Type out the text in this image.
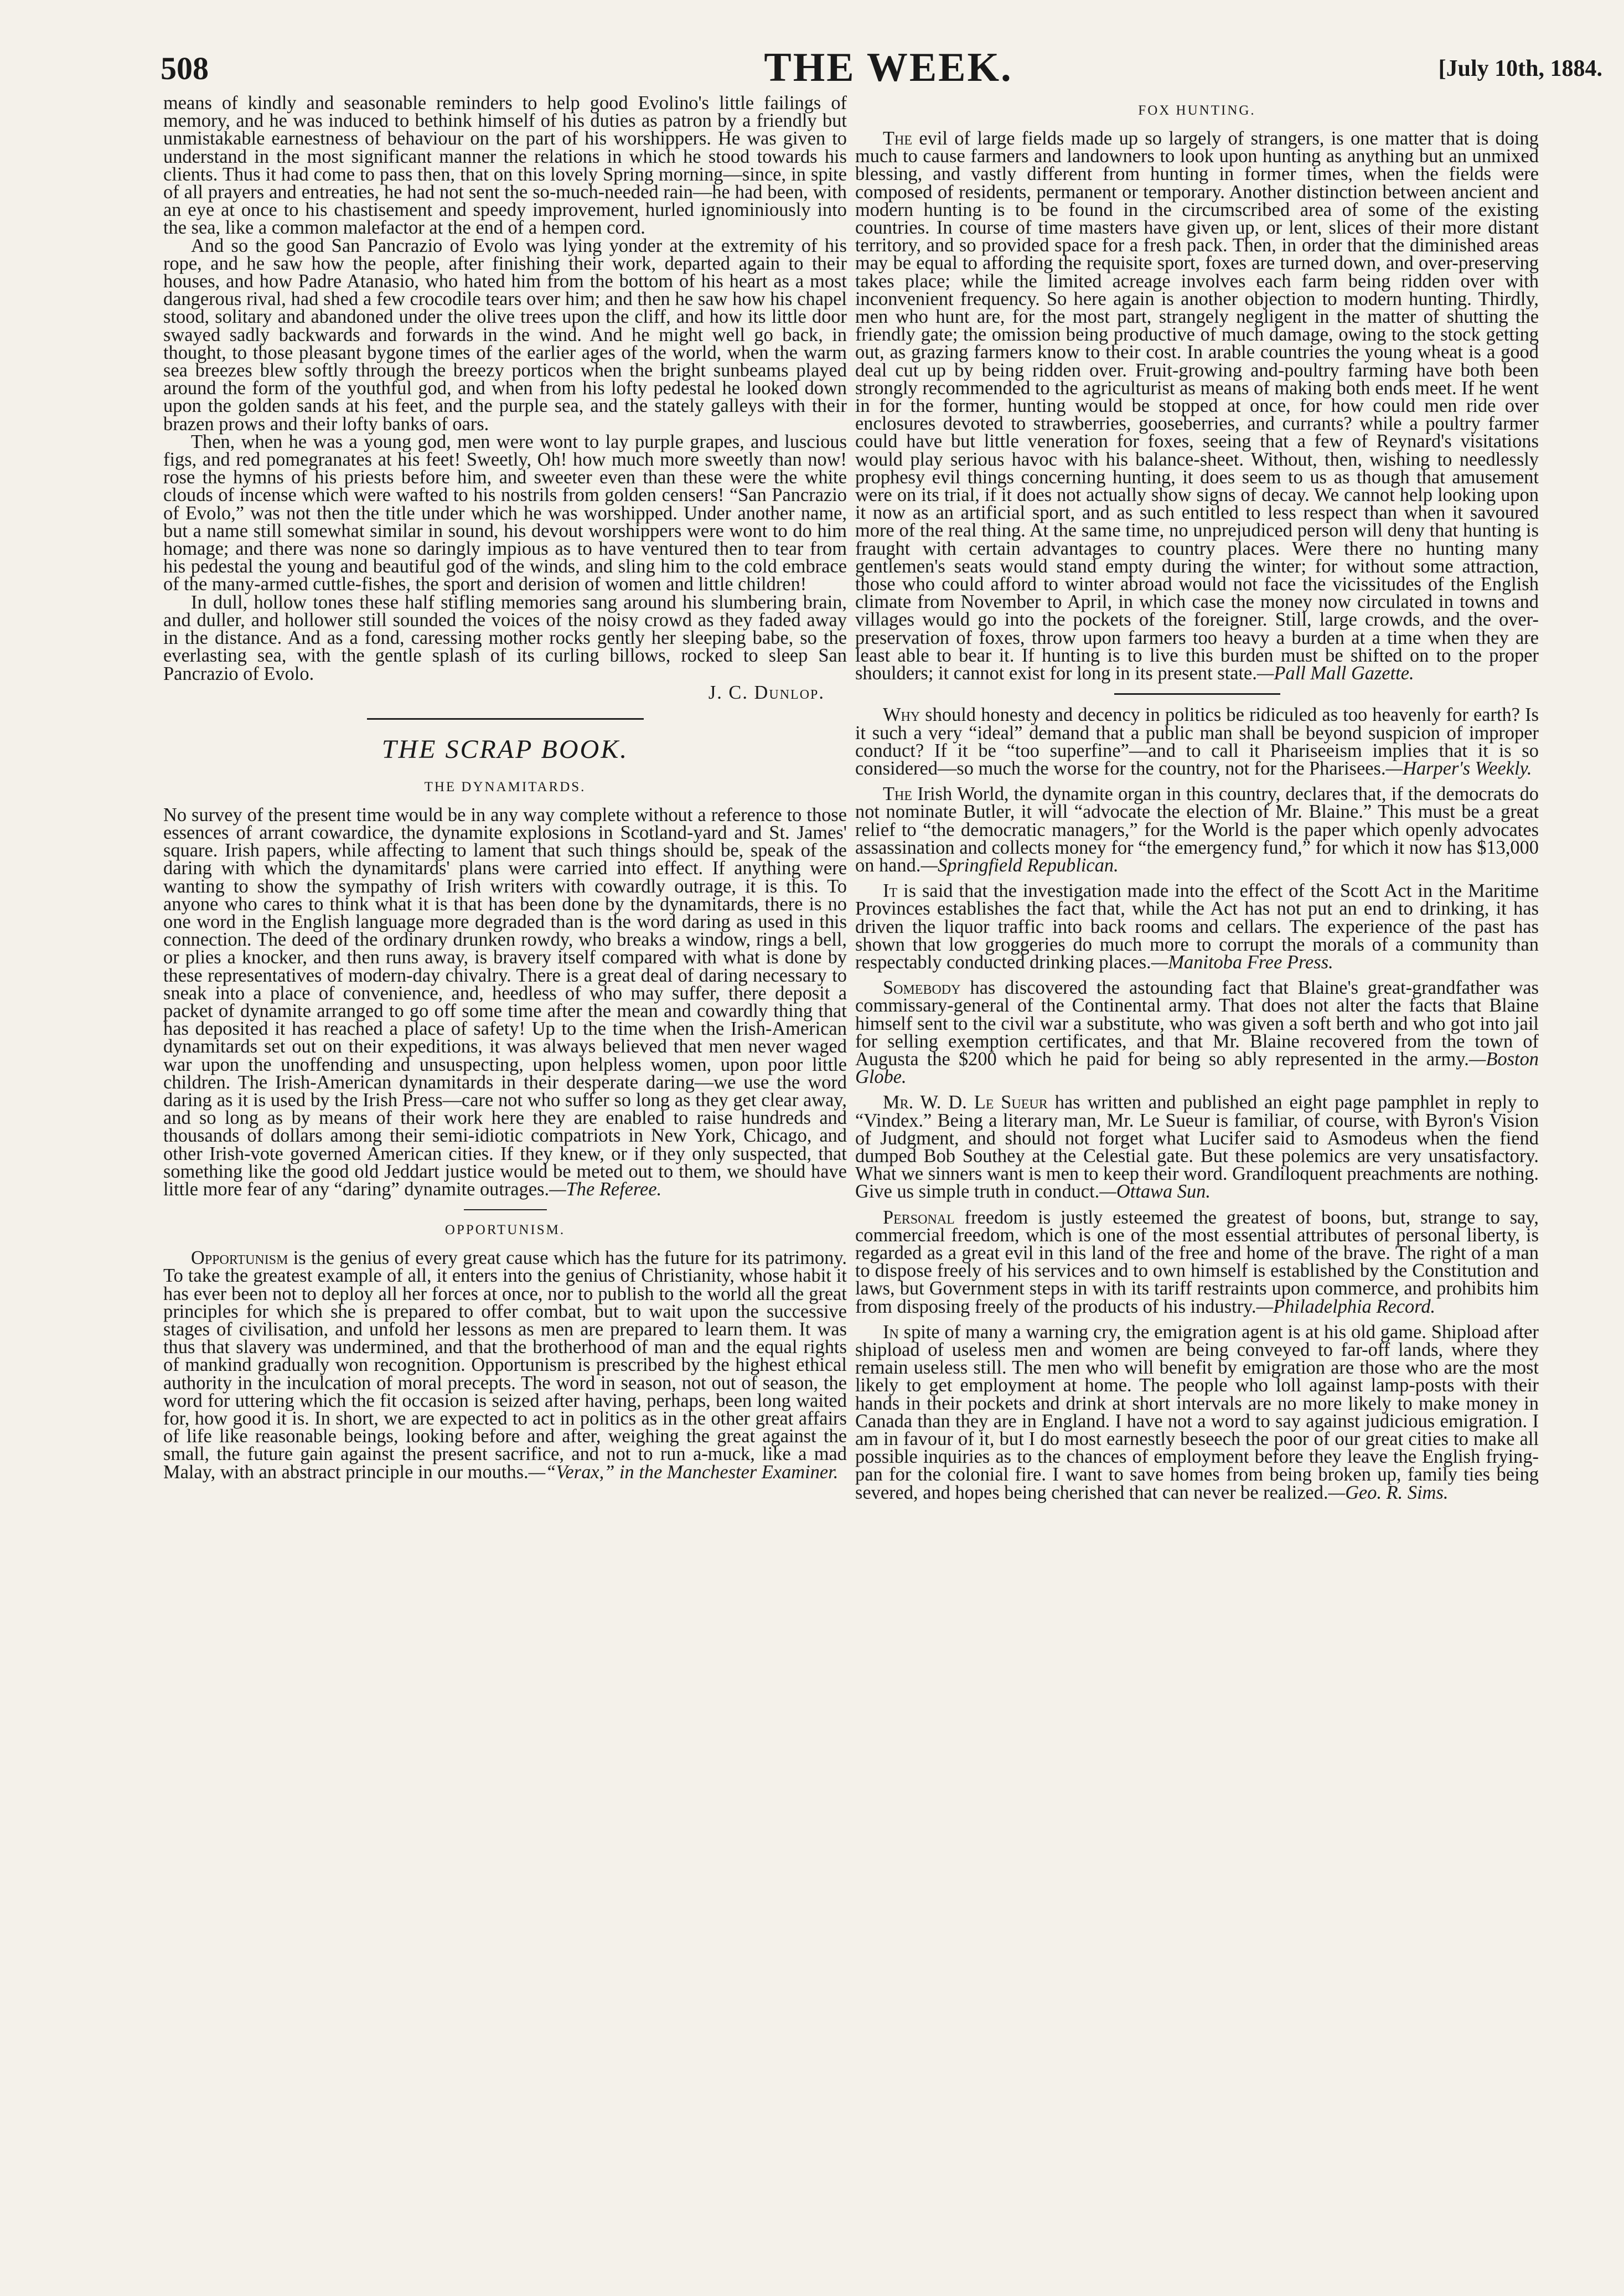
508	THE WEEK.	[July 10th, 1884.

means of kindly and seasonable reminders to help good Evolino's little failings of memory, and he was induced to bethink himself of his duties as patron by a friendly but unmistakable earnestness of behaviour on the part of his worshippers. He was given to understand in the most significant manner the relations in which he stood towards his clients. Thus it had come to pass then, that on this lovely Spring morning—since, in spite of all prayers and entreaties, he had not sent the so-much-needed rain—he had been, with an eye at once to his chastisement and speedy improvement, hurled ignominiously into the sea, like a common malefactor at the end of a hempen cord.

And so the good San Pancrazio of Evolo was lying yonder at the extremity of his rope, and he saw how the people, after finishing their work, departed again to their houses, and how Padre Atanasio, who hated him from the bottom of his heart as a most dangerous rival, had shed a few crocodile tears over him; and then he saw how his chapel stood, solitary and abandoned under the olive trees upon the cliff, and how its little door swayed sadly backwards and forwards in the wind. And he might well go back, in thought, to those pleasant bygone times of the earlier ages of the world, when the warm sea breezes blew softly through the breezy porticos when the bright sunbeams played around the form of the youthful god, and when from his lofty pedestal he looked down upon the golden sands at his feet, and the purple sea, and the stately galleys with their brazen prows and their lofty banks of oars.

Then, when he was a young god, men were wont to lay purple grapes, and luscious figs, and red pomegranates at his feet! Sweetly, Oh! how much more sweetly than now! rose the hymns of his priests before him, and sweeter even than these were the white clouds of incense which were wafted to his nostrils from golden censers! “San Pancrazio of Evolo,” was not then the title under which he was worshipped. Under another name, but a name still somewhat similar in sound, his devout worshippers were wont to do him homage; and there was none so daringly impious as to have ventured then to tear from his pedestal the young and beautiful god of the winds, and sling him to the cold embrace of the many-armed cuttle-fishes, the sport and derision of women and little children!

In dull, hollow tones these half stifling memories sang around his slumbering brain, and duller, and hollower still sounded the voices of the noisy crowd as they faded away in the distance. And as a fond, caressing mother rocks gently her sleeping babe, so the everlasting sea, with the gentle splash of its curling billows, rocked to sleep San Pancrazio of Evolo.

J. C. Dunlop.
THE SCRAP BOOK.
THE DYNAMITARDS.

No survey of the present time would be in any way complete without a reference to those essences of arrant cowardice, the dynamite explosions in Scotland-yard and St. James' square. Irish papers, while affecting to lament that such things should be, speak of the daring with which the dynamitards' plans were carried into effect. If anything were wanting to show the sympathy of Irish writers with cowardly outrage, it is this. To anyone who cares to think what it is that has been done by the dynamitards, there is no one word in the English language more degraded than is the word daring as used in this connection. The deed of the ordinary drunken rowdy, who breaks a window, rings a bell, or plies a knocker, and then runs away, is bravery itself compared with what is done by these representatives of modern-day chivalry. There is a great deal of daring necessary to sneak into a place of convenience, and, heedless of who may suffer, there deposit a packet of dynamite arranged to go off some time after the mean and cowardly thing that has deposited it has reached a place of safety! Up to the time when the Irish-American dynamitards set out on their expeditions, it was always believed that men never waged war upon the unoffending and unsuspecting, upon helpless women, upon poor little children. The Irish-American dynamitards in their desperate daring—we use the word daring as it is used by the Irish Press—care not who suffer so long as they get clear away, and so long as by means of their work here they are enabled to raise hundreds and thousands of dollars among their semi-idiotic compatriots in New York, Chicago, and other Irish-vote governed American cities. If they knew, or if they only suspected, that something like the good old Jeddart justice would be meted out to them, we should have little more fear of any “daring” dynamite outrages.—The Referee.

OPPORTUNISM.

Opportunism is the genius of every great cause which has the future for its patrimony. To take the greatest example of all, it enters into the genius of Christianity, whose habit it has ever been not to deploy all her forces at once, nor to publish to the world all the great principles for which she is prepared to offer combat, but to wait upon the successive stages of civilisation, and unfold her lessons as men are prepared to learn them. It was thus that slavery was undermined, and that the brotherhood of man and the equal rights of mankind gradually won recognition. Opportunism is prescribed by the highest ethical authority in the inculcation of moral precepts. The word in season, not out of season, the word for uttering which the fit occasion is seized after having, perhaps, been long waited for, how good it is. In short, we are expected to act in politics as in the other great affairs of life like reasonable beings, looking before and after, weighing the great against the small, the future gain against the present sacrifice, and not to run a-muck, like a mad Malay, with an abstract principle in our mouths.—“Verax,” in the Manchester Examiner.

FOX HUNTING.

The evil of large fields made up so largely of strangers, is one matter that is doing much to cause farmers and landowners to look upon hunting as anything but an unmixed blessing, and vastly different from hunting in former times, when the fields were composed of residents, permanent or temporary. Another distinction between ancient and modern hunting is to be found in the circumscribed area of some of the existing countries. In course of time masters have given up, or lent, slices of their more distant territory, and so provided space for a fresh pack. Then, in order that the diminished areas may be equal to affording the requisite sport, foxes are turned down, and over-preserving takes place; while the limited acreage involves each farm being ridden over with inconvenient frequency. So here again is another objection to modern hunting. Thirdly, men who hunt are, for the most part, strangely negligent in the matter of shutting the friendly gate; the omission being productive of much damage, owing to the stock getting out, as grazing farmers know to their cost. In arable countries the young wheat is a good deal cut up by being ridden over. Fruit-growing and-poultry farming have both been strongly recommended to the agriculturist as means of making both ends meet. If he went in for the former, hunting would be stopped at once, for how could men ride over enclosures devoted to strawberries, gooseberries, and currants? while a poultry farmer could have but little veneration for foxes, seeing that a few of Reynard's visitations would play serious havoc with his balance-sheet. Without, then, wishing to needlessly prophesy evil things concerning hunting, it does seem to us as though that amusement were on its trial, if it does not actually show signs of decay. We cannot help looking upon it now as an artificial sport, and as such entitled to less respect than when it savoured more of the real thing. At the same time, no unprejudiced person will deny that hunting is fraught with certain advantages to country places. Were there no hunting many gentlemen's seats would stand empty during the winter; for without some attraction, those who could afford to winter abroad would not face the vicissitudes of the English climate from November to April, in which case the money now circulated in towns and villages would go into the pockets of the foreigner. Still, large crowds, and the over-preservation of foxes, throw upon farmers too heavy a burden at a time when they are least able to bear it. If hunting is to live this burden must be shifted on to the proper shoulders; it cannot exist for long in its present state.—Pall Mall Gazette.

Why should honesty and decency in politics be ridiculed as too heavenly for earth? Is it such a very “ideal” demand that a public man shall be beyond suspicion of improper conduct? If it be “too superfine”—and to call it Phariseeism implies that it is so considered—so much the worse for the country, not for the Pharisees.—Harper's Weekly.

The Irish World, the dynamite organ in this country, declares that, if the democrats do not nominate Butler, it will “advocate the election of Mr. Blaine.” This must be a great relief to “the democratic managers,” for the World is the paper which openly advocates assassination and collects money for “the emergency fund,” for which it now has $13,000 on hand.—Springfield Republican.

It is said that the investigation made into the effect of the Scott Act in the Maritime Provinces establishes the fact that, while the Act has not put an end to drinking, it has driven the liquor traffic into back rooms and cellars. The experience of the past has shown that low groggeries do much more to corrupt the morals of a community than respectably conducted drinking places.—Manitoba Free Press.

Somebody has discovered the astounding fact that Blaine's great-grandfather was commissary-general of the Continental army. That does not alter the facts that Blaine himself sent to the civil war a substitute, who was given a soft berth and who got into jail for selling exemption certificates, and that Mr. Blaine recovered from the town of Augusta the $200 which he paid for being so ably represented in the army.—Boston Globe.

Mr. W. D. Le Sueur has written and published an eight page pamphlet in reply to “Vindex.” Being a literary man, Mr. Le Sueur is familiar, of course, with Byron's Vision of Judgment, and should not forget what Lucifer said to Asmodeus when the fiend dumped Bob Southey at the Celestial gate. But these polemics are very unsatisfactory. What we sinners want is men to keep their word. Grandiloquent preachments are nothing. Give us simple truth in conduct.—Ottawa Sun.

Personal freedom is justly esteemed the greatest of boons, but, strange to say, commercial freedom, which is one of the most essential attributes of personal liberty, is regarded as a great evil in this land of the free and home of the brave. The right of a man to dispose freely of his services and to own himself is established by the Constitution and laws, but Government steps in with its tariff restraints upon commerce, and prohibits him from disposing freely of the products of his industry.—Philadelphia Record.

In spite of many a warning cry, the emigration agent is at his old game. Shipload after shipload of useless men and women are being conveyed to far-off lands, where they remain useless still. The men who will benefit by emigration are those who are the most likely to get employment at home. The people who loll against lamp-posts with their hands in their pockets and drink at short intervals are no more likely to make money in Canada than they are in England. I have not a word to say against judicious emigration. I am in favour of it, but I do most earnestly beseech the poor of our great cities to make all possible inquiries as to the chances of employment before they leave the English frying-pan for the colonial fire. I want to save homes from being broken up, family ties being severed, and hopes being cherished that can never be realized.—Geo. R. Sims.
